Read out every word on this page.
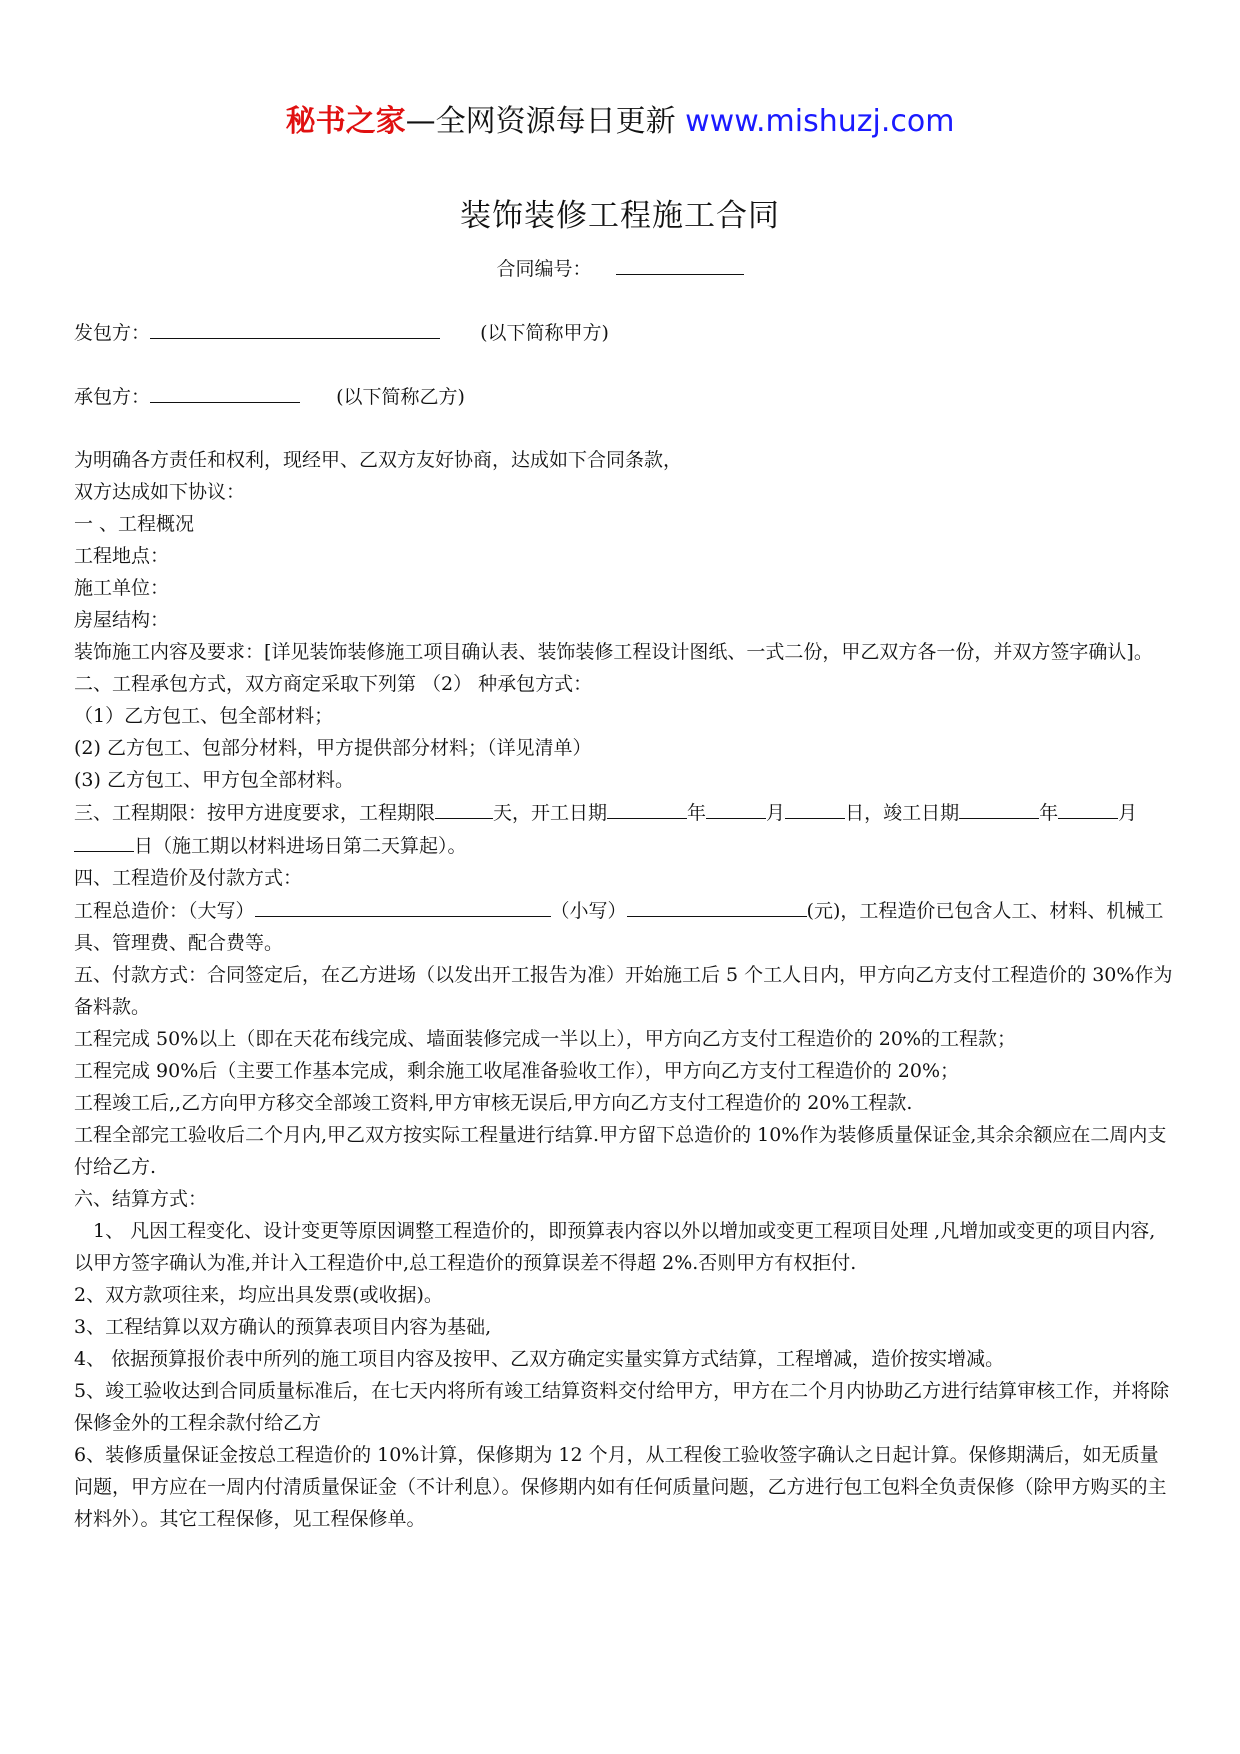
秘书之家—全网资源每日更新 www.mishuzj.com
装饰装修工程施工合同
合同编号：
发包方：	(以下简称甲方)
承包方：	(以下简称乙方)

为明确各方责任和权利，现经甲、乙双方友好协商，达成如下合同条款，

双方达成如下协议：

一 、工程概况

工程地点：

施工单位：

房屋结构：

装饰施工内容及要求：[详见装饰装修施工项目确认表、装饰装修工程设计图纸、一式二份，甲乙双方各一份，并双方签字确认]。

二、工程承包方式，双方商定采取下列第 （2） 种承包方式：

（1）乙方包工、包全部材料；

(2) 乙方包工、包部分材料，甲方提供部分材料；（详见清单）

(3) 乙方包工、甲方包全部材料。

三、工程期限：按甲方进度要求，工程期限	天，开工日期	年	月	日，竣工日期	年	月日（施工期以材料进场日第二天算起）。

四、工程造价及付款方式：

工程总造价：（大写）	（小写）	(元)，工程造价已包含人工、材料、机械工具、管理费、配合费等。

五、付款方式：合同签定后，在乙方进场（以发出开工报告为准）开始施工后 5 个工人日内，甲方向乙方支付工程造价的 30%作为备料款。

工程完成 50%以上（即在天花布线完成、墙面装修完成一半以上），甲方向乙方支付工程造价的 20%的工程款；

工程完成 90%后（主要工作基本完成，剩余施工收尾准备验收工作），甲方向乙方支付工程造价的 20%；

工程竣工后,,乙方向甲方移交全部竣工资料,甲方审核无误后,甲方向乙方支付工程造价的 20%工程款.

工程全部完工验收后二个月内,甲乙双方按实际工程量进行结算.甲方留下总造价的 10%作为装修质量保证金,其余余额应在二周内支付给乙方.

六、结算方式：

　1、 凡因工程变化、设计变更等原因调整工程造价的，即预算表内容以外以增加或变更工程项目处理 ,凡增加或变更的项目内容,以甲方签字确认为准,并计入工程造价中,总工程造价的预算误差不得超 2%.否则甲方有权拒付.

2、双方款项往来，均应出具发票(或收据)。

3、工程结算以双方确认的预算表项目内容为基础,

4、 依据预算报价表中所列的施工项目内容及按甲、乙双方确定实量实算方式结算，工程增减，造价按实增减。

5、竣工验收达到合同质量标准后，在七天内将所有竣工结算资料交付给甲方，甲方在二个月内协助乙方进行结算审核工作，并将除保修金外的工程余款付给乙方

6、装修质量保证金按总工程造价的 10%计算，保修期为 12 个月，从工程俊工验收签字确认之日起计算。保修期满后，如无质量问题，甲方应在一周内付清质量保证金（不计利息）。保修期内如有任何质量问题，乙方进行包工包料全负责保修（除甲方购买的主材料外）。其它工程保修，见工程保修单。
